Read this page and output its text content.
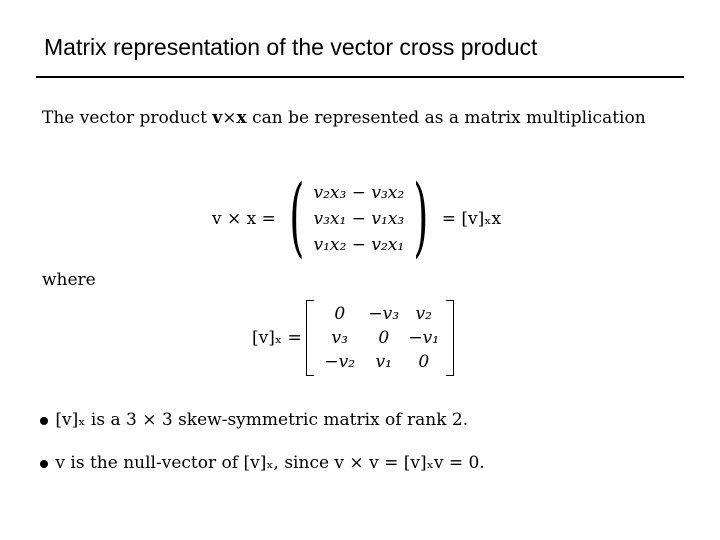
Matrix representation of the vector cross product
The vector product v×x can be represented as a matrix multiplication
v × x = ( v₂x₃ − v₃x₂
v₃x₁ − v₁x₃
v₁x₂ − v₂x₁ ) = [v]ₓx
where
[v]ₓ =
0	−v₃ v₂
v₃	0	−v₁
−v₂	v₁	0
[v]ₓ is a 3 × 3 skew-symmetric matrix of rank 2.
v is the null-vector of [v]ₓ, since v × v = [v]ₓv = 0.
